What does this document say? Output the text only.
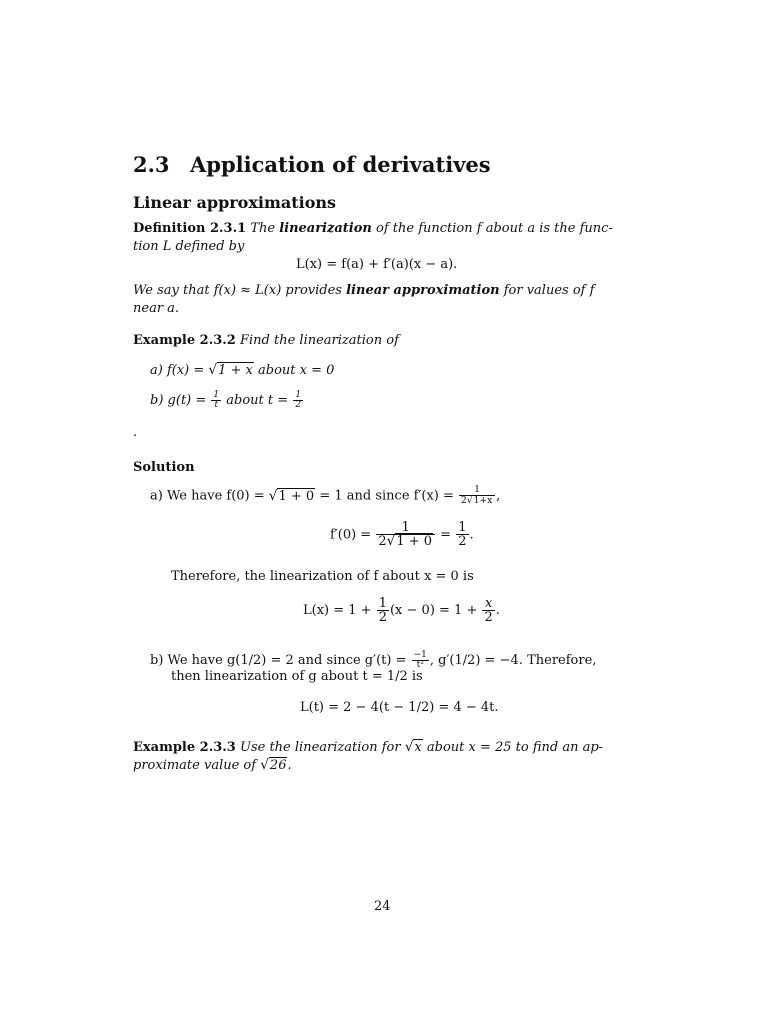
2.3 Application of derivatives
Linear approximations
Definition 2.3.1 The linearization of the function f about a is the func-
tion L defined by
L(x) = f(a) + f′(a)(x − a).
We say that f(x) ≈ L(x) provides linear approximation for values of f
near a.
Example 2.3.2 Find the linearization of
a) f(x) = √1 + x about x = 0
b) $g(t) = \frac{1}{t}$ about $t = \frac{1}{2}$
.
Solution
a) We have f(0) = √1 + 0 = 1 and since $f'(x) = \frac{1}{2√1+x}$ ,
$f'(0) = \frac{1}{2√1 + 0} = \frac{1}{2}$ .
Therefore, the linearization of f about x = 0 is
$L(x) = 1 + \frac{1}{2} (x - 0) = 1 + \frac{x}{2}$ .
b) We have g(1/2) = 2 and since $g'(t) = \frac{-1}{\text{t²}}$ , g′(1/2) = −4. Therefore,
then linearization of g about t = 1/2 is
L(t) = 2 − 4(t − 1/2) = 4 − 4t.
Example 2.3.3 Use the linearization for √x about x = 25 to find an ap-
proximate value of √26.
24
